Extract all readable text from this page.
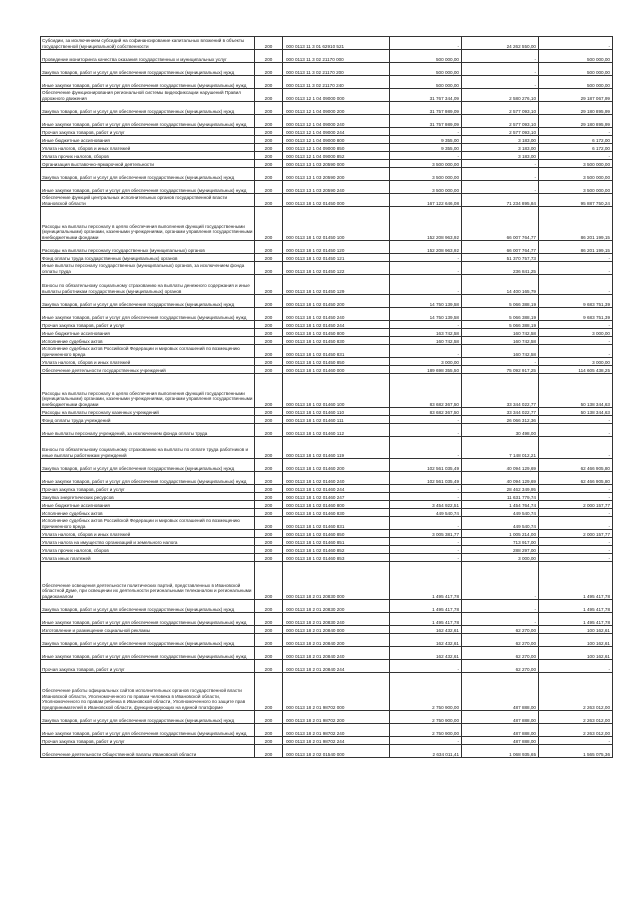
Субсидии, за исключением субсидий на софинансирование капитальных вложений в объекты государственной (муниципальной) собственности	200	000 0113 11 3 01 62910 521	-	24 262 550,00	-
Проведение мониторинга качества оказания государственных и муниципальных услуг	200	000 0113 11 3 02 21170 000	500 000,00	-	500 000,00
Закупка товаров, работ и услуг для обеспечения государственных (муниципальных) нужд	200	000 0113 11 3 02 21170 200	500 000,00	-	500 000,00
Иные закупки товаров, работ и услуг для обеспечения государственных (муниципальных) нужд	200	000 0113 11 3 02 21170 240	500 000,00	-	500 000,00
Обеспечение функционирования региональной системы видеофиксации нарушений Правил дорожного движения	200	000 0113 12 1 04 09000 000	31 767 344,09	2 580 276,10	29 187 067,99
Закупка товаров, работ и услуг для обеспечения государственных (муниципальных) нужд	200	000 0113 12 1 04 09000 200	31 757 989,09	2 577 093,10	29 180 895,99
Иные закупки товаров, работ и услуг для обеспечения государственных (муниципальных) нужд	200	000 0113 12 1 04 09000 240	31 757 989,09	2 577 093,10	29 180 895,99
Прочая закупка товаров, работ и услуг	200	000 0113 12 1 04 09000 244	-	2 577 093,10	-
Иные бюджетные ассигнования	200	000 0113 12 1 04 09000 800	9 355,00	3 183,00	6 172,00
Уплата налогов, сборов и иных платежей	200	000 0113 12 1 04 09000 850	9 355,00	3 183,00	6 172,00
Уплата прочих налогов, сборов	200	000 0113 12 1 04 09000 852	-	3 183,00	-
Организация выставочно-ярмарочной деятельности	200	000 0113 13 1 03 20590 000	3 500 000,00	-	3 500 000,00
Закупка товаров, работ и услуг для обеспечения государственных (муниципальных) нужд	200	000 0113 13 1 03 20590 200	3 500 000,00	-	3 500 000,00
Иные закупки товаров, работ и услуг для обеспечения государственных (муниципальных) нужд	200	000 0113 13 1 03 20590 240	3 500 000,00	-	3 500 000,00
Обеспечение функций центральных исполнительных органов государственной власти Ивановской области	200	000 0113 18 1 02 01450 000	167 122 646,08	71 234 895,84	95 887 750,24
Расходы на выплаты персоналу в целях обеспечения выполнения функций государственными (муниципальными) органами, казенными учреждениями, органами управления государственными внебюджетными фондами	200	000 0113 18 1 02 01450 100	152 208 963,92	66 007 764,77	86 201 199,15
Расходы на выплаты персоналу государственных (муниципальных) органов	200	000 0113 18 1 02 01450 120	152 208 963,92	66 007 764,77	86 201 199,15
Фонд оплаты труда государственных (муниципальных) органов	200	000 0113 18 1 02 01450 121	-	51 370 757,73	-
Иные выплаты персоналу государственных (муниципальных) органов, за исключением фонда оплаты труда	200	000 0113 18 1 02 01450 122	-	236 841,25	-
Взносы по обязательному социальному страхованию на выплаты денежного содержания и иные выплаты работникам государственных (муниципальных) органов	200	000 0113 18 1 02 01450 129	-	14 400 165,79	-
Закупка товаров, работ и услуг для обеспечения государственных (муниципальных) нужд	200	000 0113 18 1 02 01450 200	14 750 139,58	5 066 388,19	9 683 751,39
Иные закупки товаров, работ и услуг для обеспечения государственных (муниципальных) нужд	200	000 0113 18 1 02 01450 240	14 750 139,58	5 066 388,19	9 683 751,39
Прочая закупка товаров, работ и услуг	200	000 0113 18 1 02 01450 244	-	5 066 388,19	-
Иные бюджетные ассигнования	200	000 0113 18 1 02 01450 800	163 742,58	160 742,58	3 000,00
Исполнение судебных актов	200	000 0113 18 1 02 01450 830	160 742,58	160 742,58	-
Исполнение судебных актов Российской Федерации и мировых соглашений по возмещению причиненного вреда	200	000 0113 18 1 02 01450 831	-	160 742,58	-
Уплата налогов, сборов и иных платежей	200	000 0113 18 1 02 01450 850	3 000,00	-	3 000,00
Обеспечение деятельности государственных учреждений	200	000 0113 18 1 02 01460 000	189 698 355,50	75 092 917,25	114 605 438,25
Расходы на выплаты персоналу в целях обеспечения выполнения функций государственными (муниципальными) органами, казенными учреждениями, органами управления государственными внебюджетными фондами	200	000 0113 18 1 02 01460 100	83 682 367,50	33 344 022,77	50 138 344,63
Расходы на выплаты персоналу казенных учреждений	200	000 0113 18 1 02 01460 110	83 682 367,50	33 344 022,77	50 138 344,63
Фонд оплаты труда учреждений	200	000 0113 18 1 02 01460 111	-	26 066 312,36	-
Иные выплаты персоналу учреждений, за исключением фонда оплаты труда	200	000 0113 18 1 02 01460 112	-	30 498,00	-
Взносы по обязательному социальному страхованию на выплаты по оплате труда работников и иные выплаты работникам учреждений	200	000 0113 18 1 02 01460 119	-	7 148 012,21	-
Закупка товаров, работ и услуг для обеспечения государственных (муниципальных) нужд	200	000 0113 18 1 02 01460 200	102 561 035,49	40 094 129,69	62 466 905,80
Иные закупки товаров, работ и услуг для обеспечения государственных (муниципальных) нужд	200	000 0113 18 1 02 01460 240	102 561 035,49	40 094 129,69	62 466 905,80
Прочая закупка товаров, работ и услуг	200	000 0113 18 1 02 01460 244	-	28 462 349,95	-
Закупка энергетических ресурсов	200	000 0113 18 1 02 01460 247	-	11 631 779,74	-
Иные бюджетные ассигнования	200	000 0113 18 1 02 01460 800	3 454 922,51	1 454 764,74	2 000 157,77
Исполнение судебных актов	200	000 0113 18 1 02 01460 830	449 540,74	449 540,74	-
Исполнение судебных актов Российской Федерации и мировых соглашений по возмещению причиненного вреда	200	000 0113 18 1 02 01460 831	-	449 540,74	-
Уплата налогов, сборов и иных платежей	200	000 0113 18 1 02 01460 850	3 005 381,77	1 005 214,00	2 000 157,77
Уплата налога на имущество организаций и земельного налога	200	000 0113 18 1 02 01460 851	-	713 917,00	-
Уплата прочих налогов, сборов	200	000 0113 18 1 02 01460 852	-	288 297,00	-
Уплата иных платежей	200	000 0113 18 1 02 01460 853	-	3 000,00	-
Обеспечение освещения деятельности политических партий, представленных в Ивановской областной Думе, при освещении их деятельности региональными телеканалом и региональными радиоканалом	200	000 0113 18 2 01 20830 000	1 495 417,78	-	1 495 417,78
Закупка товаров, работ и услуг для обеспечения государственных (муниципальных) нужд	200	000 0113 18 2 01 20830 200	1 495 417,78	-	1 495 417,78
Иные закупки товаров, работ и услуг для обеспечения государственных (муниципальных) нужд	200	000 0113 18 2 01 20830 240	1 495 417,78	-	1 495 417,78
Изготовление и размещение социальной рекламы	200	000 0113 18 2 01 20840 000	162 432,61	62 270,00	100 162,61
Закупка товаров, работ и услуг для обеспечения государственных (муниципальных) нужд	200	000 0113 18 2 01 20840 200	162 432,61	62 270,00	100 162,61
Иные закупки товаров, работ и услуг для обеспечения государственных (муниципальных) нужд	200	000 0113 18 2 01 20840 240	162 432,61	62 270,00	100 162,61
Прочая закупка товаров, работ и услуг	200	000 0113 18 2 01 20840 244	-	62 270,00	-
Обеспечение работы официальных сайтов исполнительных органов государственной власти Ивановской области, Уполномоченного по правам человека в Ивановской области, Уполномоченного по правам ребенка в Ивановской области, Уполномоченного по защите прав предпринимателей в Ивановской области, функционирующих на единой платформе	200	000 0113 18 2 01 98702 000	2 750 900,00	487 888,00	2 263 012,00
Закупка товаров, работ и услуг для обеспечения государственных (муниципальных) нужд	200	000 0113 18 2 01 98702 200	2 750 900,00	487 888,00	2 263 012,00
Иные закупки товаров, работ и услуг для обеспечения государственных (муниципальных) нужд	200	000 0113 18 2 01 98702 240	2 750 900,00	487 888,00	2 263 012,00
Прочая закупка товаров, работ и услуг	200	000 0113 18 2 01 98702 244	-	487 888,00	-
Обеспечение деятельности Общественной палаты Ивановской области	200	000 0113 18 2 02 01540 000	2 634 011,41	1 068 935,65	1 565 075,36
